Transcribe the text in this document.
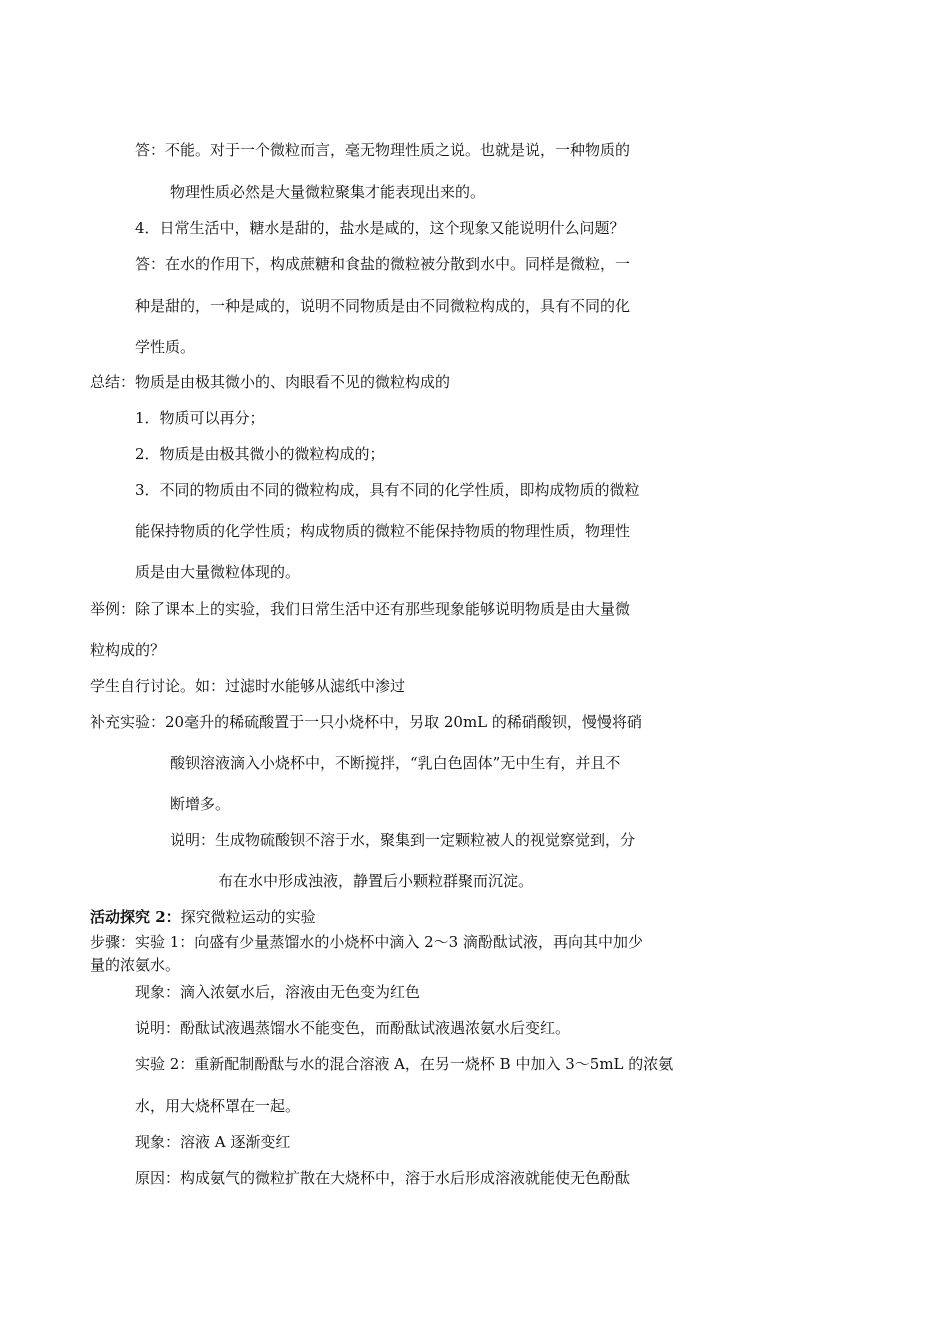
答：不能。对于一个微粒而言，毫无物理性质之说。也就是说，一种物质的
物理性质必然是大量微粒聚集才能表现出来的。
4．日常生活中，糖水是甜的，盐水是咸的，这个现象又能说明什么问题？
答：在水的作用下，构成蔗糖和食盐的微粒被分散到水中。同样是微粒，一
种是甜的，一种是咸的，说明不同物质是由不同微粒构成的，具有不同的化
学性质。
总结：物质是由极其微小的、肉眼看不见的微粒构成的
1．物质可以再分；
2．物质是由极其微小的微粒构成的；
3．不同的物质由不同的微粒构成，具有不同的化学性质，即构成物质的微粒
能保持物质的化学性质；构成物质的微粒不能保持物质的物理性质，物理性
质是由大量微粒体现的。
举例：除了课本上的实验，我们日常生活中还有那些现象能够说明物质是由大量微
粒构成的？
学生自行讨论。如：过滤时水能够从滤纸中渗过
补充实验：20毫升的稀硫酸置于一只小烧杯中，另取 20mL 的稀硝酸钡，慢慢将硝
酸钡溶液滴入小烧杯中，不断搅拌，“乳白色固体”无中生有，并且不
断增多。
说明：生成物硫酸钡不溶于水，聚集到一定颗粒被人的视觉察觉到，分
布在水中形成浊液，静置后小颗粒群聚而沉淀。
活动探究 2：探究微粒运动的实验
步骤：实验 1：向盛有少量蒸馏水的小烧杯中滴入 2～3 滴酚酞试液，再向其中加少
量的浓氨水。
现象：滴入浓氨水后，溶液由无色变为红色
说明：酚酞试液遇蒸馏水不能变色，而酚酞试液遇浓氨水后变红。
实验 2：重新配制酚酞与水的混合溶液 A，在另一烧杯 B 中加入 3～5mL 的浓氨
水，用大烧杯罩在一起。
现象：溶液 A 逐渐变红
原因：构成氨气的微粒扩散在大烧杯中，溶于水后形成溶液就能使无色酚酞
